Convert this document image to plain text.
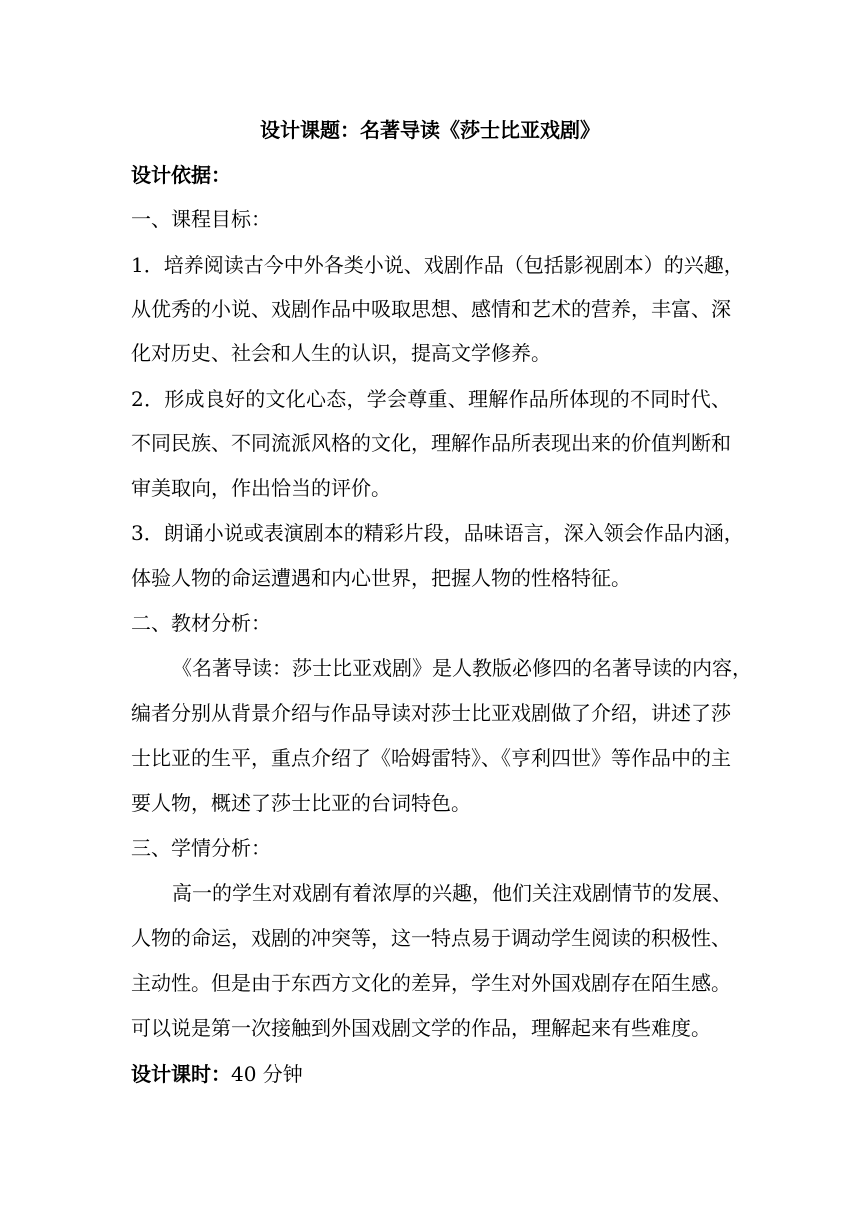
设计课题：名著导读《莎士比亚戏剧》
设计依据：
一、课程目标：
1．培养阅读古今中外各类小说、戏剧作品（包括影视剧本）的兴趣，
从优秀的小说、戏剧作品中吸取思想、感情和艺术的营养，丰富、深
化对历史、社会和人生的认识，提高文学修养。
2．形成良好的文化心态，学会尊重、理解作品所体现的不同时代、
不同民族、不同流派风格的文化，理解作品所表现出来的价值判断和
审美取向，作出恰当的评价。
3．朗诵小说或表演剧本的精彩片段，品味语言，深入领会作品内涵，
体验人物的命运遭遇和内心世界，把握人物的性格特征。
二、教材分析：
《名著导读：莎士比亚戏剧》是人教版必修四的名著导读的内容，
编者分别从背景介绍与作品导读对莎士比亚戏剧做了介绍，讲述了莎
士比亚的生平，重点介绍了《哈姆雷特》、《亨利四世》等作品中的主
要人物，概述了莎士比亚的台词特色。
三、学情分析：
高一的学生对戏剧有着浓厚的兴趣，他们关注戏剧情节的发展、
人物的命运，戏剧的冲突等，这一特点易于调动学生阅读的积极性、
主动性。但是由于东西方文化的差异，学生对外国戏剧存在陌生感。
可以说是第一次接触到外国戏剧文学的作品，理解起来有些难度。
设计课时：40 分钟
